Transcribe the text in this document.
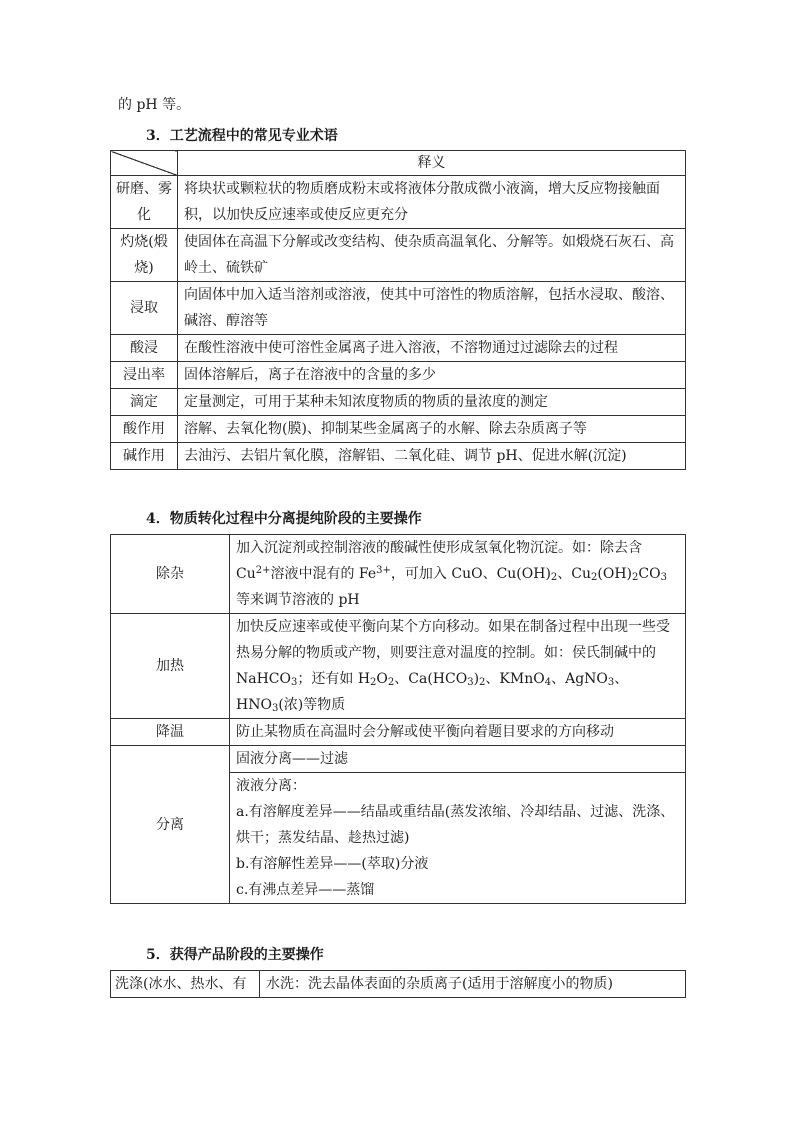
的 pH 等。
3．工艺流程中的常见专业术语
	释义
研磨、雾化	将块状或颗粒状的物质磨成粉末或将液体分散成微小液滴，增大反应物接触面积，以加快反应速率或使反应更充分
灼烧(煅烧)	使固体在高温下分解或改变结构、使杂质高温氧化、分解等。如煅烧石灰石、高岭土、硫铁矿
浸取	向固体中加入适当溶剂或溶液，使其中可溶性的物质溶解，包括水浸取、酸溶、碱溶、醇溶等
酸浸	在酸性溶液中使可溶性金属离子进入溶液，不溶物通过过滤除去的过程
浸出率	固体溶解后，离子在溶液中的含量的多少
滴定	定量测定，可用于某种未知浓度物质的物质的量浓度的测定
酸作用	溶解、去氧化物(膜)、抑制某些金属离子的水解、除去杂质离子等
碱作用	去油污、去铝片氧化膜，溶解铝、二氧化硅、调节 pH、促进水解(沉淀)
4．物质转化过程中分离提纯阶段的主要操作
除杂	加入沉淀剂或控制溶液的酸碱性使形成氢氧化物沉淀。如：除去含 $Cu^{2+}$溶液中混有的 $Fe^{3+}$，可加入 CuO、$Cu(OH)_2$、$Cu_2(OH)_2CO_3$等来调节溶液的 pH
加热	加快反应速率或使平衡向某个方向移动。如果在制备过程中出现一些受热易分解的物质或产物，则要注意对温度的控制。如：侯氏制碱中的 NaHCO$_3$；还有如 $H_2O_2$、$Ca(HCO_3)_2$、KMnO$_4$、AgNO$_3$、$HNO_3$(浓)等物质
降温	防止某物质在高温时会分解或使平衡向着题目要求的方向移动
分离	固液分离——过滤

	液液分离：
a.有溶解度差异——结晶或重结晶(蒸发浓缩、冷却结晶、过滤、洗涤、烘干；蒸发结晶、趁热过滤)
b.有溶解性差异——(萃取)分液
c.有沸点差异——蒸馏
5．获得产品阶段的主要操作
洗涤(冰水、热水、有	水洗：洗去晶体表面的杂质离子(适用于溶解度小的物质)
